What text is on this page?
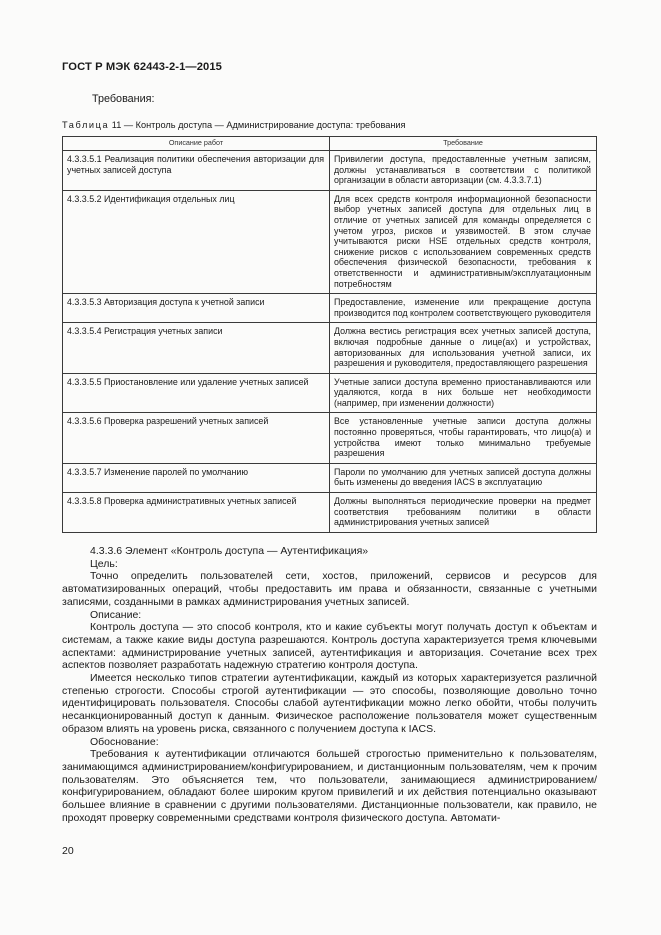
ГОСТ Р МЭК 62443-2-1—2015
Требования:
Таблица 11 — Контроль доступа — Администрирование доступа: требования
Описание работ	Требование
4.3.3.5.1 Реализация политики обеспечения авторизации для учетных записей доступа	Привилегии доступа, предоставленные учетным записям, должны устанавливаться в соответствии с политикой организации в области авторизации (см. 4.3.3.7.1)
4.3.3.5.2 Идентификация отдельных лиц	Для всех средств контроля информационной безопасности выбор учетных записей доступа для отдельных лиц в отличие от учетных записей для команды определяется с учетом угроз, рисков и уязвимостей. В этом случае учитываются риски HSE отдельных средств контроля, снижение рисков с использованием современных средств обеспечения физической безопасности, требования к ответственности и административным/эксплуатационным потребностям
4.3.3.5.3 Авторизация доступа к учетной записи	Предоставление, изменение или прекращение доступа производится под контролем соответствующего руководителя
4.3.3.5.4 Регистрация учетных записи	Должна вестись регистрация всех учетных записей доступа, включая подробные данные о лице(ах) и устройствах, авторизованных для использования учетной записи, их разрешения и руководителя, предоставляющего разрешения
4.3.3.5.5 Приостановление или удаление учетных записей	Учетные записи доступа временно приостанавливаются или удаляются, когда в них больше нет необходимости (например, при изменении должности)
4.3.3.5.6 Проверка разрешений учетных записей	Все установленные учетные записи доступа должны постоянно проверяться, чтобы гарантировать, что лицо(а) и устройства имеют только минимально требуемые разрешения
4.3.3.5.7 Изменение паролей по умолчанию	Пароли по умолчанию для учетных записей доступа должны быть изменены до введения IACS в эксплуатацию
4.3.3.5.8 Проверка административных учетных записей	Должны выполняться периодические проверки на предмет соответствия требованиям политики в области администрирования учетных записей

4.3.3.6 Элемент «Контроль доступа — Аутентификация»

Цель:

Точно определить пользователей сети, хостов, приложений, сервисов и ресурсов для автоматизированных операций, чтобы предоставить им права и обязанности, связанные с учетными записями, созданными в рамках администрирования учетных записей.

Описание:

Контроль доступа — это способ контроля, кто и какие субъекты могут получать доступ к объектам и системам, а также какие виды доступа разрешаются. Контроль доступа характеризуется тремя ключевыми аспектами: администрирование учетных записей, аутентификация и авторизация. Сочетание всех трех аспектов позволяет разработать надежную стратегию контроля доступа.

Имеется несколько типов стратегии аутентификации, каждый из которых характеризуется различной степенью строгости. Способы строгой аутентификации — это способы, позволяющие довольно точно идентифицировать пользователя. Способы слабой аутентификации можно легко обойти, чтобы получить несанкционированный доступ к данным. Физическое расположение пользователя может существенным образом влиять на уровень риска, связанного с получением доступа к IACS.

Обоснование:

Требования к аутентификации отличаются большей строгостью применительно к пользователям, занимающимся администрированием/конфигурированием, и дистанционным пользователям, чем к прочим пользователям. Это объясняется тем, что пользователи, занимающиеся администрированием/конфигурированием, обладают более широким кругом привилегий и их действия потенциально оказывают большее влияние в сравнении с другими пользователями. Дистанционные пользователи, как правило, не проходят проверку современными средствами контроля физического доступа. Автомати-

20
